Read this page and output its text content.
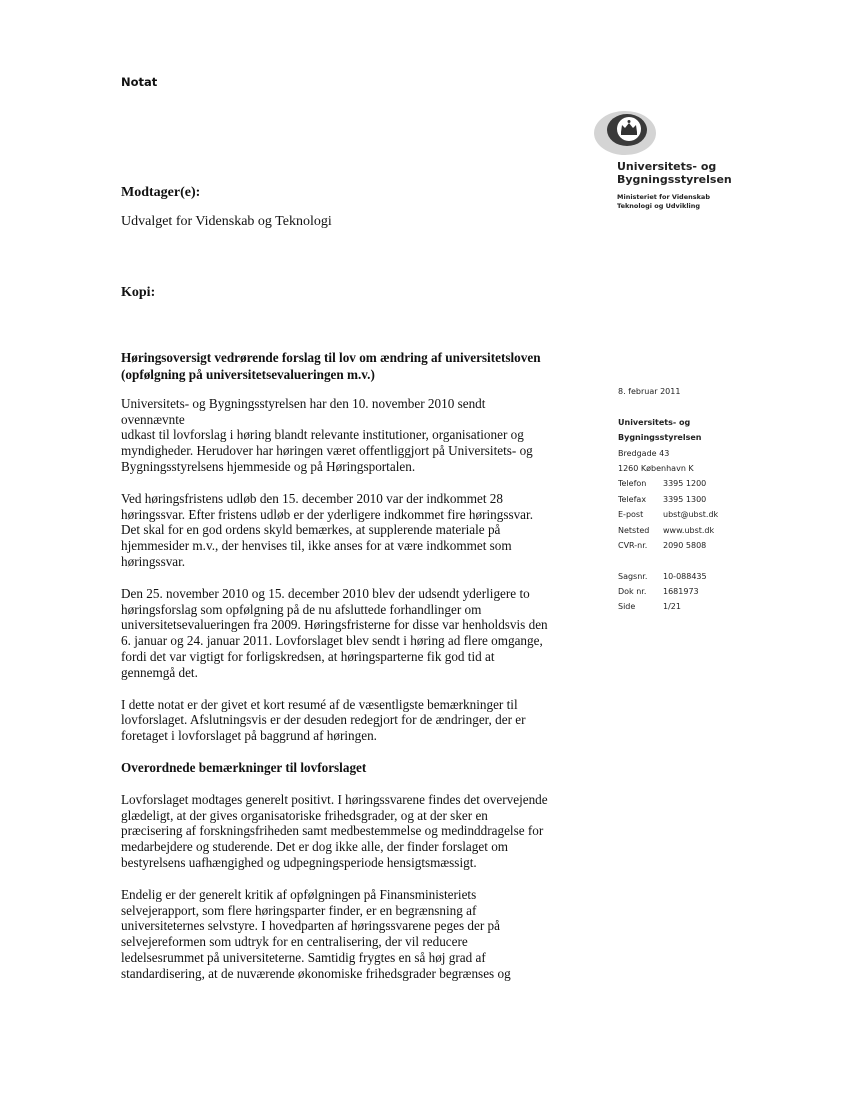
Notat
Universitets- og
Bygningsstyrelsen
Ministeriet for Videnskab
Teknologi og Udvikling
Modtager(e):
Udvalget for Videnskab og Teknologi
Kopi:
Høringsoversigt vedrørende forslag til lov om ændring af universitetsloven
(opfølgning på universitetsevalueringen m.v.)

Universitets- og Bygningsstyrelsen har den 10. november 2010 sendt
ovennævnte
udkast til lovforslag i høring blandt relevante institutioner, organisationer og
myndigheder. Herudover har høringen været offentliggjort på Universitets- og
Bygningsstyrelsens hjemmeside og på Høringsportalen.

Ved høringsfristens udløb den 15. december 2010 var der indkommet 28
høringssvar. Efter fristens udløb er der yderligere indkommet fire høringssvar.
Det skal for en god ordens skyld bemærkes, at supplerende materiale på
hjemmesider m.v., der henvises til, ikke anses for at være indkommet som
høringssvar.

Den 25. november 2010 og 15. december 2010 blev der udsendt yderligere to
høringsforslag som opfølgning på de nu afsluttede forhandlinger om
universitetsevalueringen fra 2009. Høringsfristerne for disse var henholdsvis den
6. januar og 24. januar 2011. Lovforslaget blev sendt i høring ad flere omgange,
fordi det var vigtigt for forligskredsen, at høringsparterne fik god tid at
gennemgå det.

I dette notat er der givet et kort resumé af de væsentligste bemærkninger til
lovforslaget. Afslutningsvis er der desuden redegjort for de ændringer, der er
foretaget i lovforslaget på baggrund af høringen.

Overordnede bemærkninger til lovforslaget

Lovforslaget modtages generelt positivt. I høringssvarene findes det overvejende
glædeligt, at der gives organisatoriske frihedsgrader, og at der sker en
præcisering af forskningsfriheden samt medbestemmelse og medinddragelse for
medarbejdere og studerende. Det er dog ikke alle, der finder forslaget om
bestyrelsens uafhængighed og udpegningsperiode hensigtsmæssigt.

Endelig er der generelt kritik af opfølgningen på Finansministeriets
selvejerapport, som flere høringsparter finder, er en begrænsning af
universiteternes selvstyre. I hovedparten af høringssvarene peges der på
selvejereformen som udtryk for en centralisering, der vil reducere
ledelsesrummet på universiteterne. Samtidig frygtes en så høj grad af
standardisering, at de nuværende økonomiske frihedsgrader begrænses og

8. februar 2011
Universitets- og
Bygningsstyrelsen
Bredgade 43
1260 København K
Telefon	3395 1200
Telefax	3395 1300
E-post	ubst@ubst.dk
Netsted	www.ubst.dk
CVR-nr.	2090 5808
Sagsnr.	10-088435
Dok nr.	1681973
Side	1/21
